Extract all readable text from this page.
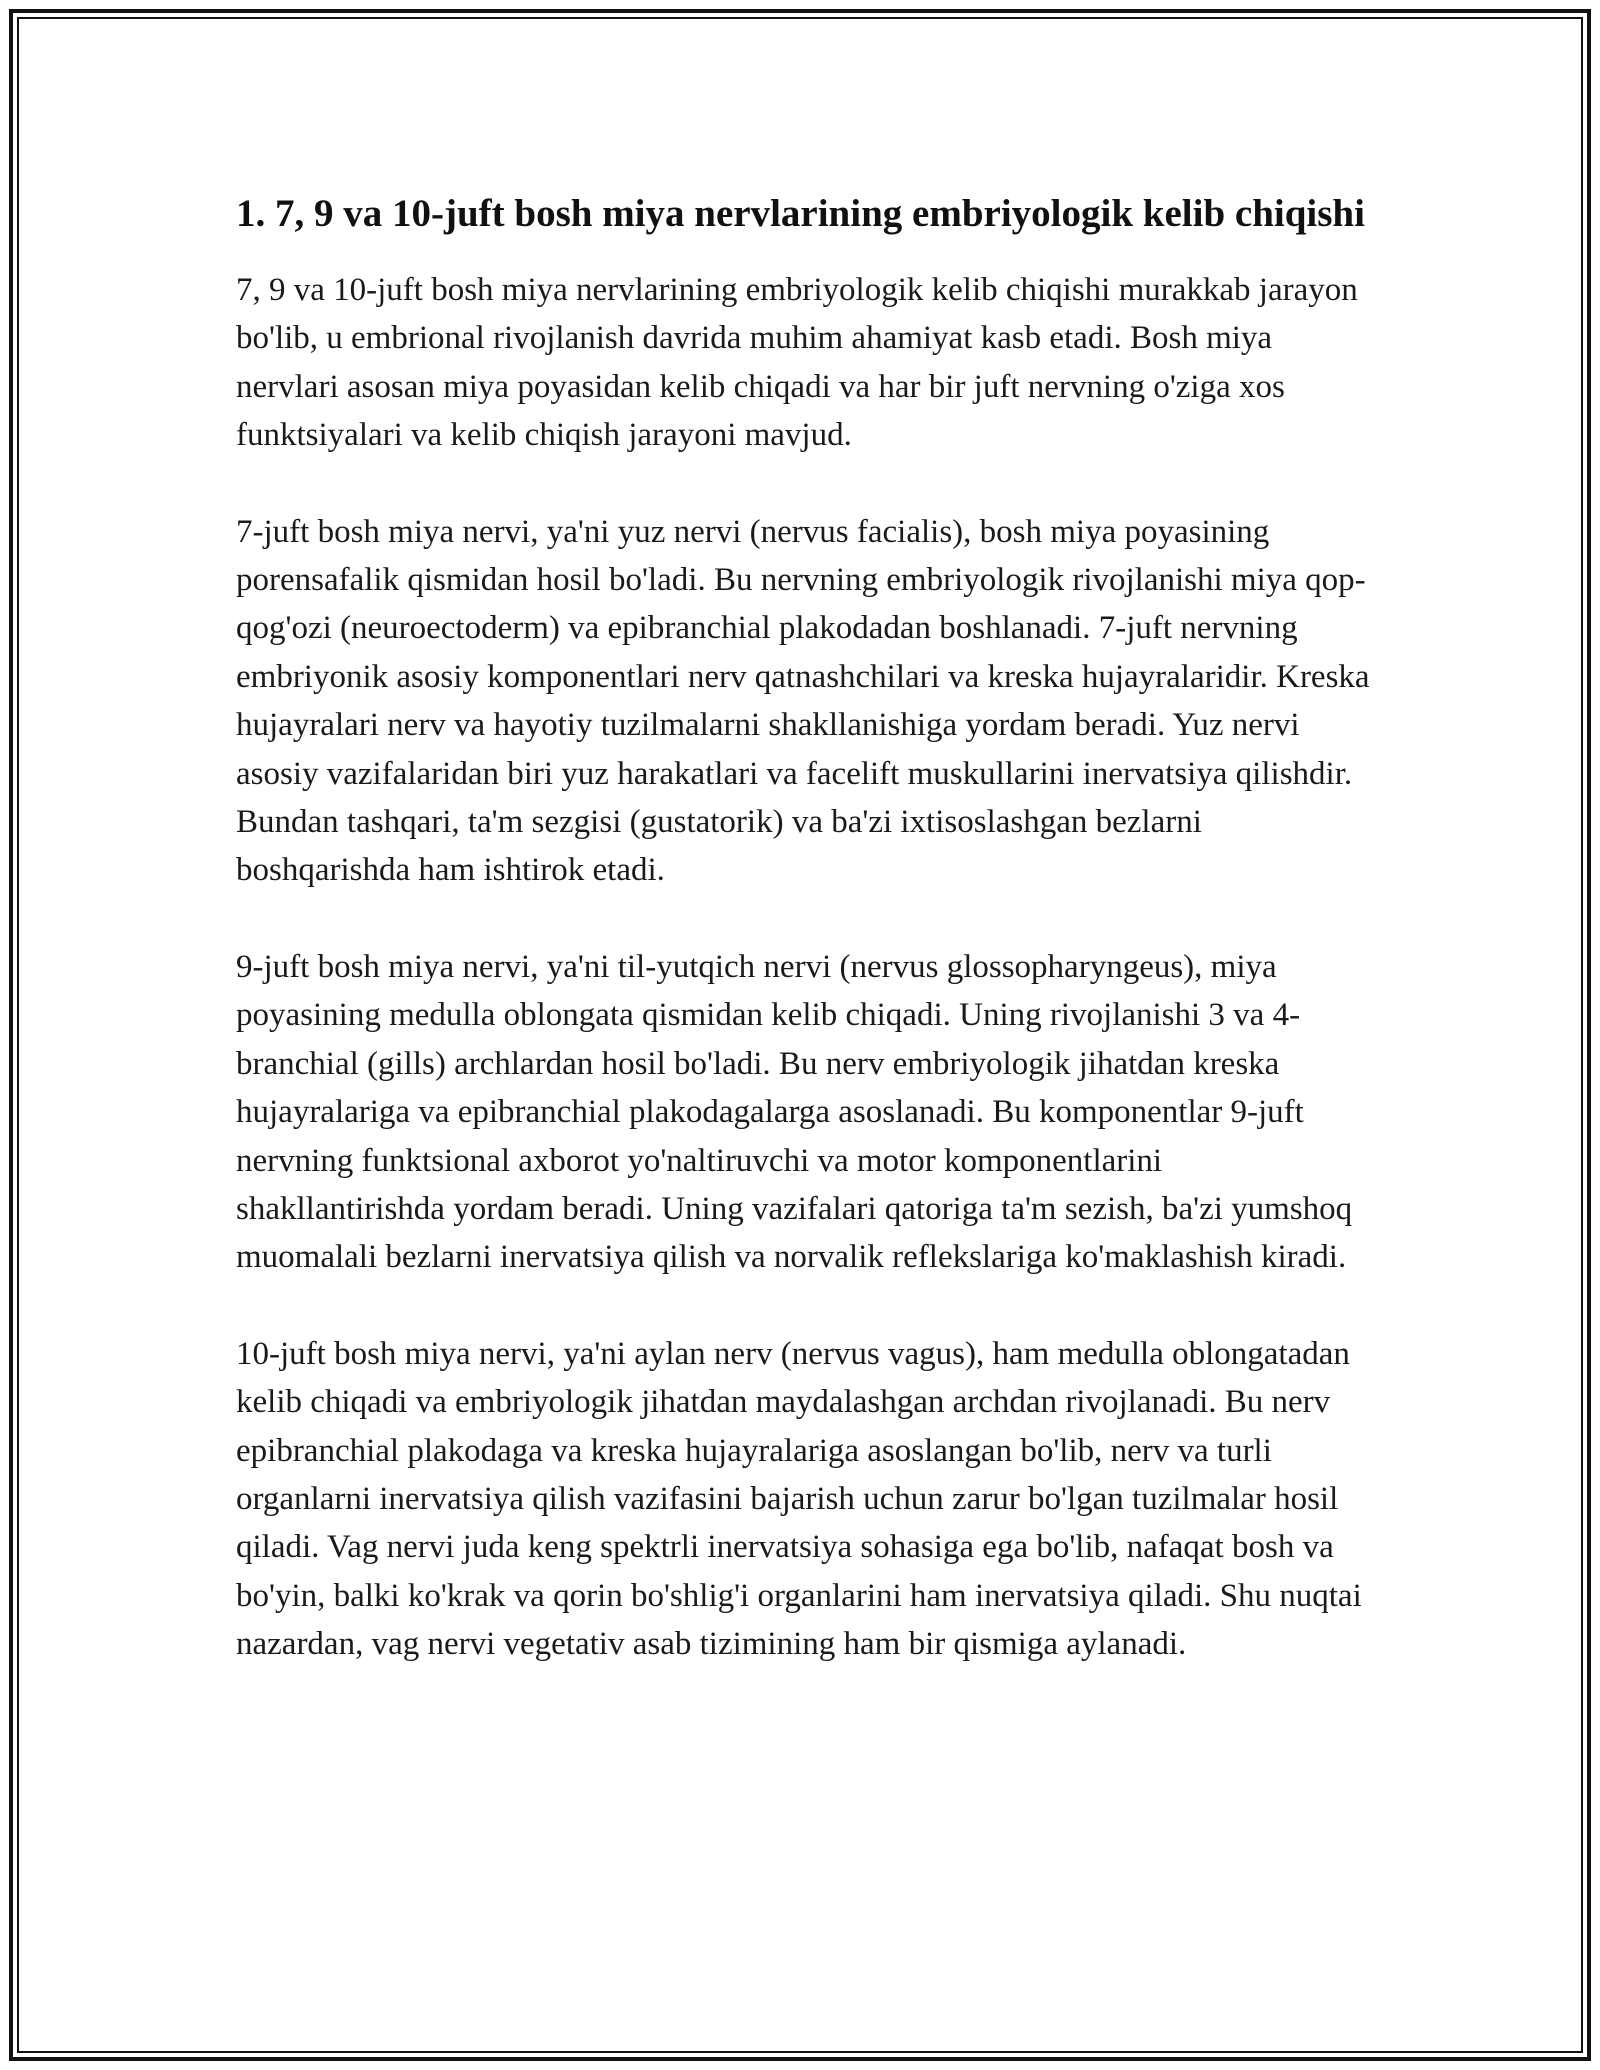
1. 7, 9 va 10-juft bosh miya nervlarining embriyologik kelib chiqishi

7, 9 va 10-juft bosh miya nervlarining embriyologik kelib chiqishi murakkab jarayon bo'lib, u embrional rivojlanish davrida muhim ahamiyat kasb etadi. Bosh miya nervlari asosan miya poyasidan kelib chiqadi va har bir juft nervning o'ziga xos funktsiyalari va kelib chiqish jarayoni mavjud.

7-juft bosh miya nervi, ya'ni yuz nervi (nervus facialis), bosh miya poyasining porensafalik qismidan hosil bo'ladi. Bu nervning embriyologik rivojlanishi miya qop-qog'ozi (neuroectoderm) va epibranchial plakodadan boshlanadi. 7-juft nervning embriyonik asosiy komponentlari nerv qatnashchilari va kreska hujayralaridir. Kreska hujayralari nerv va hayotiy tuzilmalarni shakllanishiga yordam beradi. Yuz nervi asosiy vazifalaridan biri yuz harakatlari va facelift muskullarini inervatsiya qilishdir. Bundan tashqari, ta'm sezgisi (gustatorik) va ba'zi ixtisoslashgan bezlarni boshqarishda ham ishtirok etadi.

9-juft bosh miya nervi, ya'ni til-yutqich nervi (nervus glossopharyngeus), miya poyasining medulla oblongata qismidan kelib chiqadi. Uning rivojlanishi 3 va 4-branchial (gills) archlardan hosil bo'ladi. Bu nerv embriyologik jihatdan kreska hujayralariga va epibranchial plakodagalarga asoslanadi. Bu komponentlar 9-juft nervning funktsional axborot yo'naltiruvchi va motor komponentlarini shakllantirishda yordam beradi. Uning vazifalari qatoriga ta'm sezish, ba'zi yumshoq muomalali bezlarni inervatsiya qilish va norvalik reflekslariga ko'maklashish kiradi.

10-juft bosh miya nervi, ya'ni aylan nerv (nervus vagus), ham medulla oblongatadan kelib chiqadi va embriyologik jihatdan maydalashgan archdan rivojlanadi. Bu nerv epibranchial plakodaga va kreska hujayralariga asoslangan bo'lib, nerv va turli organlarni inervatsiya qilish vazifasini bajarish uchun zarur bo'lgan tuzilmalar hosil qiladi. Vag nervi juda keng spektrli inervatsiya sohasiga ega bo'lib, nafaqat bosh va bo'yin, balki ko'krak va qorin bo'shlig'i organlarini ham inervatsiya qiladi. Shu nuqtai nazardan, vag nervi vegetativ asab tizimining ham bir qismiga aylanadi.
